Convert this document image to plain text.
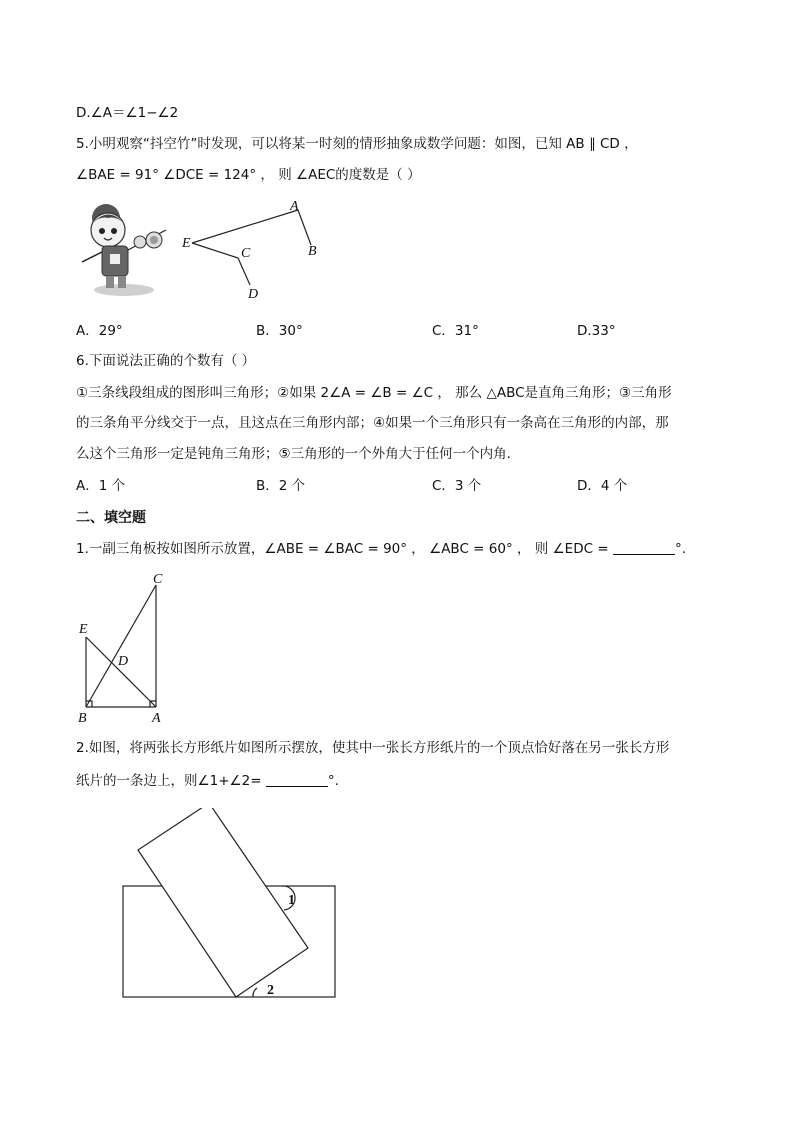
D.∠A＝∠1−∠2
5.小明观察“抖空竹”时发现，可以将某一时刻的情形抽象成数学问题：如图，已知 AB ∥ CD ，
∠BAE = 91° ∠DCE = 124° ， 则 ∠AEC的度数是（ ）
A
B
C
D
E
A．29°	B．30°	C．31°	D.33°
6.下面说法正确的个数有（ ）
①三条线段组成的图形叫三角形；②如果 2∠A = ∠B = ∠C ， 那么 △ABC是直角三角形；③三角形
的三条角平分线交于一点，且这点在三角形内部；④如果一个三角形只有一条高在三角形的内部，那
么这个三角形一定是钝角三角形；⑤三角形的一个外角大于任何一个内角．
A．1 个	B．2 个	C．3 个	D．4 个
二、填空题
1.一副三角板按如图所示放置，∠ABE = ∠BAC = 90° ， ∠ABC = 60° ， 则 ∠EDC =	°.
C
E
D
B	A
2.如图，将两张长方形纸片如图所示摆放，使其中一张长方形纸片的一个顶点恰好落在另一张长方形
纸片的一条边上，则∠1+∠2=	°.
1
2
